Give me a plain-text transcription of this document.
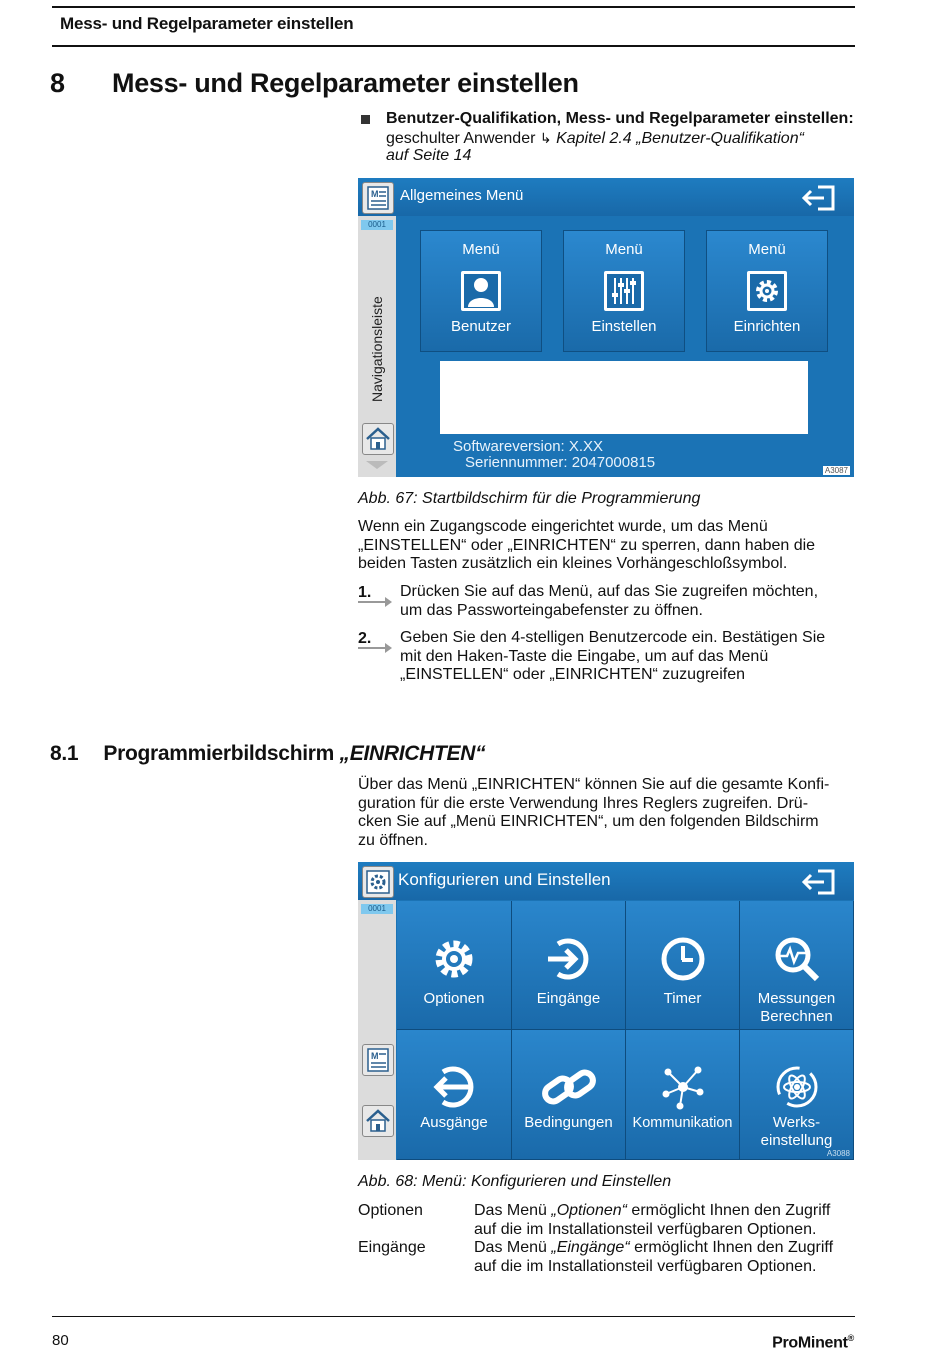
Mess- und Regelparameter einstellen
8 Mess- und Regelparameter einstellen
Benutzer-Qualifikation, Mess- und Regelparameter einstellen:
geschulter Anwender ↳ Kapitel 2.4 „Benutzer-Qualifikation“
auf Seite 14
M Allgemeines Menü
0001
Navigationsleiste
Menü
Benutzer
Menü
Einstellen
Menü
Einrichten
Softwareversion: X.XX
Seriennummer: 2047000815	A3087
Abb. 67: Startbildschirm für die Programmierung
Wenn ein Zugangscode eingerichtet wurde, um das Menü
„EINSTELLEN“ oder „EINRICHTEN“ zu sperren, dann haben die
beiden Tasten zusätzlich ein kleines Vorhängeschloßsymbol.
1. Drücken Sie auf das Menü, auf das Sie zugreifen möchten,
um das Passworteingabefenster zu öffnen.
2. Geben Sie den 4-stelligen Benutzercode ein. Bestätigen Sie
mit den Haken-Taste die Eingabe, um auf das Menü
„EINSTELLEN“ oder „EINRICHTEN“ zuzugreifen
8.1 Programmierbildschirm „EINRICHTEN“
Über das Menü „EINRICHTEN“ können Sie auf die gesamte Konfi-
guration für die erste Verwendung Ihres Reglers zugreifen. Drü-
cken Sie auf „Menü EINRICHTEN“, um den folgenden Bildschirm
zu öffnen.
Konfigurieren und Einstellen
0001
M
Optionen	Eingänge	Timer	Messungen
Berechnen
Ausgänge	Bedingungen	Kommunikation	Werks-
einstellung
A3088
Abb. 68: Menü: Konfigurieren und Einstellen
Optionen	Das Menü „Optionen“ ermöglicht Ihnen den Zugriff
auf die im Installationsteil verfügbaren Optionen.
Eingänge	Das Menü „Eingänge“ ermöglicht Ihnen den Zugriff
auf die im Installationsteil verfügbaren Optionen.
80	ProMinent®
